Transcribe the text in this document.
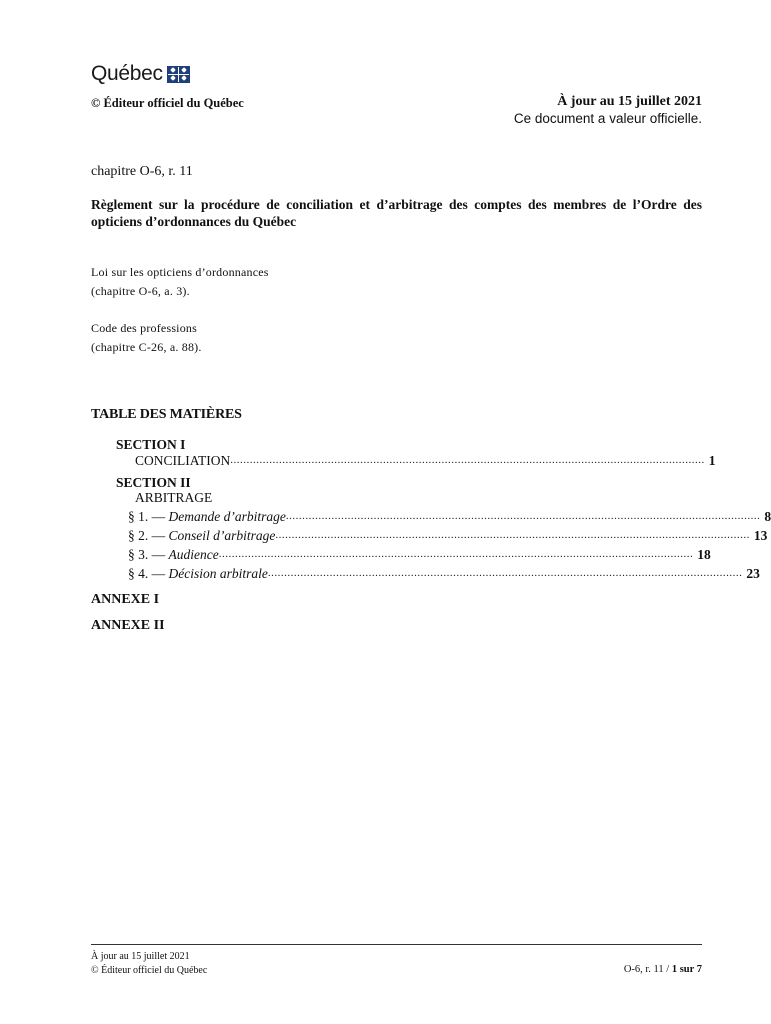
Québec
© Éditeur officiel du Québec	À jour au 15 juillet 2021
Ce document a valeur officielle.
chapitre O-6, r. 11
Règlement sur la procédure de conciliation et d’arbitrage des comptes des membres de l’Ordre des opticiens d’ordonnances du Québec
Loi sur les opticiens d’ordonnances
(chapitre O-6, a. 3).
Code des professions
(chapitre C-26, a. 88).
TABLE DES MATIÈRES
SECTION I
CONCILIATION .................................................................................................................................................. 1
SECTION II
ARBITRAGE
§ 1. — Demande d’arbitrage .................................................................................................................................................. 8
§ 2. — Conseil d’arbitrage .................................................................................................................................................. 13
§ 3. — Audience .................................................................................................................................................. 18
§ 4. — Décision arbitrale .................................................................................................................................................. 23
ANNEXE I
ANNEXE II
À jour au 15 juillet 2021
© Éditeur officiel du Québec	O-6, r. 11 / 1 sur 7
